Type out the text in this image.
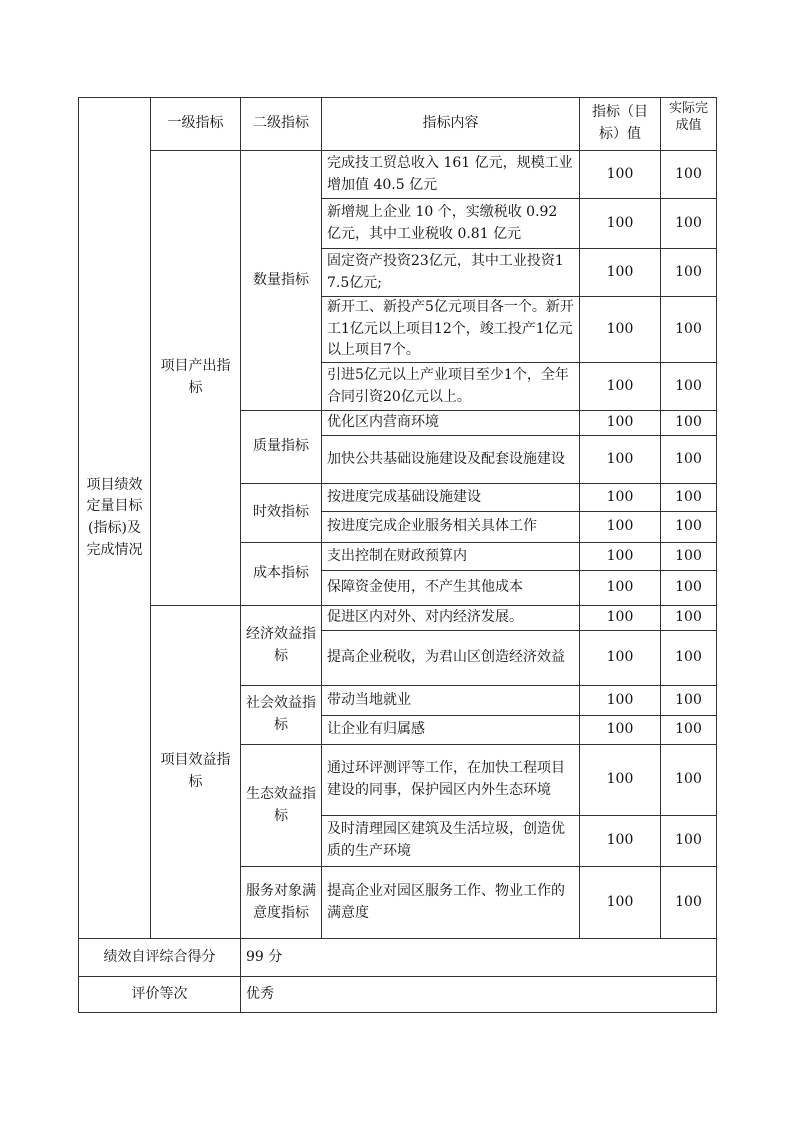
项目绩效定量目标(指标)及完成情况	一级指标	二级指标	指标内容	指标（目标）值	实际完成值

	项目产出指标	数量指标	完成技工贸总收入 161 亿元，规模工业增加值 40.5 亿元	100	100
			新增规上企业 10 个，实缴税收 0.92 亿元，其中工业税收 0.81 亿元	100	100
			固定资产投资23亿元，其中工业投资17.5亿元;	100	100
			新开工、新投产5亿元项目各一个。新开工1亿元以上项目12个，竣工投产1亿元以上项目7个。	100	100
			引进5亿元以上产业项目至少1个，全年合同引资20亿元以上。	100	100
		质量指标	优化区内营商环境	100	100
			加快公共基础设施建设及配套设施建设	100	100
		时效指标	按进度完成基础设施建设	100	100
			按进度完成企业服务相关具体工作	100	100
		成本指标	支出控制在财政预算内	100	100
			保障资金使用，不产生其他成本	100	100
	项目效益指标	经济效益指标	促进区内对外、对内经济发展。	100	100
			提高企业税收，为君山区创造经济效益	100	100
		社会效益指标	带动当地就业	100	100
			让企业有归属感	100	100
		生态效益指标	通过环评测评等工作，在加快工程项目建设的同事，保护园区内外生态环境	100	100
			及时清理园区建筑及生活垃圾，创造优质的生产环境	100	100
		服务对象满意度指标	提高企业对园区服务工作、物业工作的满意度	100	100
绩效自评综合得分		99 分			
评价等次		优秀			
